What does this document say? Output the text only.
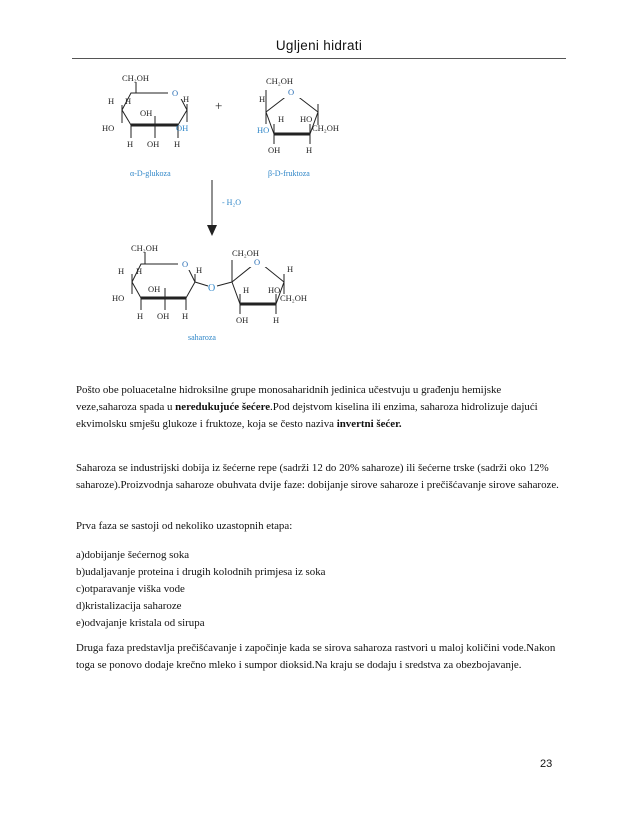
Ugljeni hidrati
CH₂OH
H H	H
HO
OH
OH
H	H
O
OH
+
CH₂OH
H
HO
H HO
CH₂OH
OH	H
O
CH₂OH
H H	H
HO
OH
H OH H
O
O
CH₂OH
H HO
H
CH₂OH
OH	H
O
α-D-glukoza	β-D-fruktoza
- H₂O
saharoza

Pošto obe poluacetalne hidroksilne grupe monosaharidnih jedinica učestvuju u građenju hemijske veze,saharoza spada u neredukujuće šećere.Pod dejstvom kiselina ili enzima, saharoza hidrolizuje dajući ekvimolsku smješu glukoze i fruktoze, koja se često naziva invertni šećer.

Saharoza se industrijski dobija iz šećerne repe (sadrži 12 do 20% saharoze) ili šećerne trske (sadrži oko 12% saharoze).Proizvodnja saharoze obuhvata dvije faze: dobijanje sirove saharoze i prečišćavanje sirove saharoze.

Prva faza se sastoji od nekoliko uzastopnih etapa:

a)dobijanje šećernog soka

b)udaljavanje proteina i drugih kolodnih primjesa iz soka

c)otparavanje viška vode

d)kristalizacija saharoze

e)odvajanje kristala od sirupa

Druga faza predstavlja prečišćavanje i započinje kada se sirova saharoza rastvori u maloj količini vode.Nakon toga se ponovo dodaje krečno mleko i sumpor dioksid.Na kraju se dodaju i sredstva za obezbojavanje.

23
